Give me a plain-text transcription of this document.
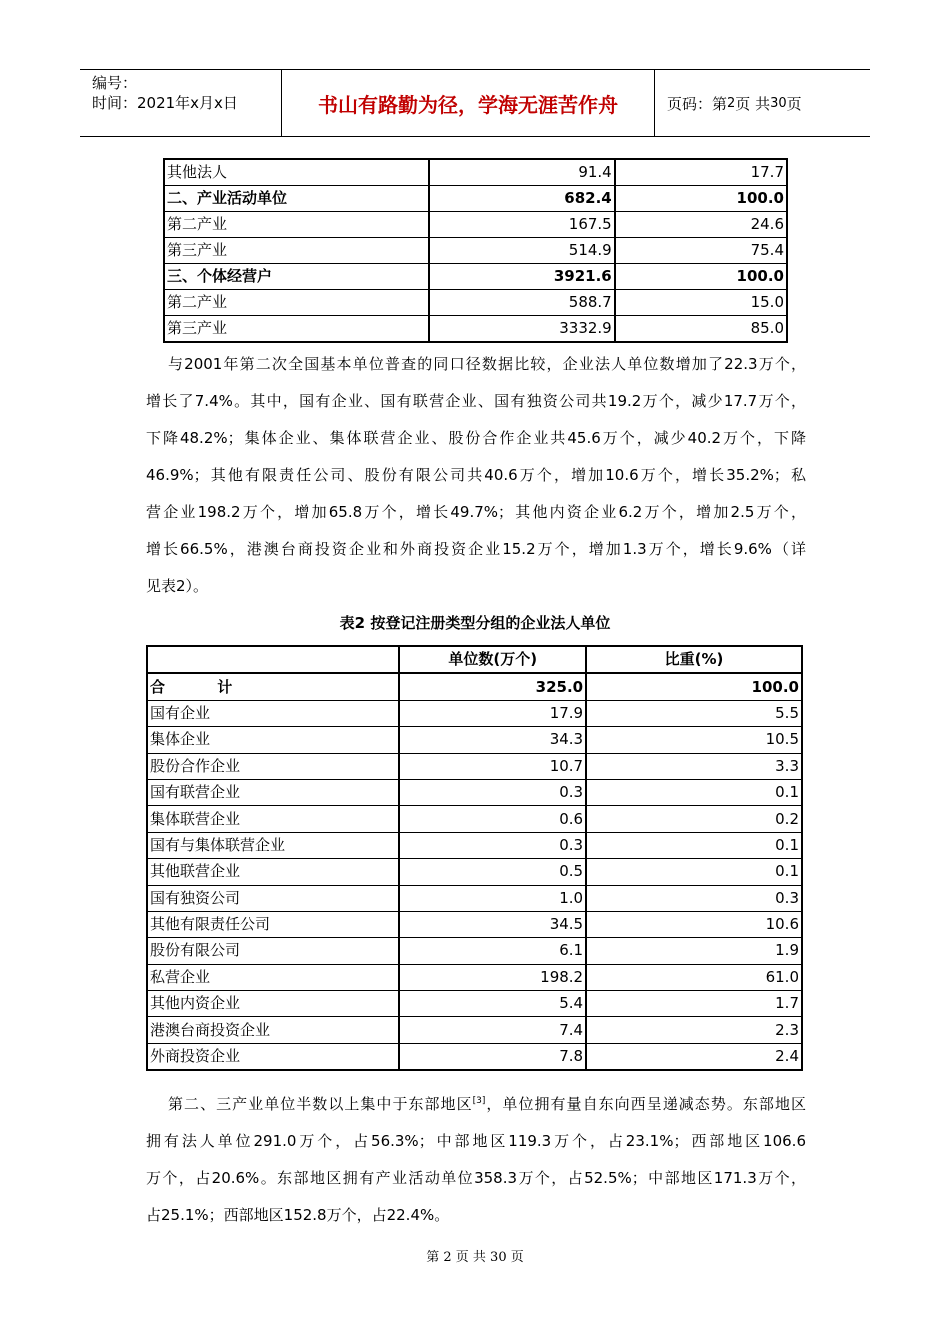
编号：
时间：2021年x月x日	书山有路勤为径，学海无涯苦作舟	页码：第 2 页 共 30 页
其他法人	91.4	17.7
二、产业活动单位	682.4	100.0
第二产业	167.5	24.6
第三产业	514.9	75.4
三、个体经营户	3921.6	100.0
第二产业	588.7	15.0
第三产业	3332.9	85.0
与2001年第二次全国基本单位普查的同口径数据比较，企业法人单位数增加了22.3万个，
增长了7.4%。其中，国有企业、国有联营企业、国有独资公司共19.2万个，减少17.7万个，
下降48.2%；集体企业、集体联营企业、股份合作企业共45.6万个，减少40.2万个，下降
46.9%；其他有限责任公司、股份有限公司共40.6万个，增加10.6万个，增长35.2%；私
营企业198.2万个，增加65.8万个，增长49.7%；其他内资企业6.2万个，增加2.5万个，
增长66.5%，港澳台商投资企业和外商投资企业15.2万个，增加1.3万个，增长9.6%（详
见表2）。
表2 按登记注册类型分组的企业法人单位
	单位数(万个)	比重(%)
合          计	325.0	100.0
国有企业	17.9	5.5
集体企业	34.3	10.5
股份合作企业	10.7	3.3
国有联营企业	0.3	0.1
集体联营企业	0.6	0.2
国有与集体联营企业	0.3	0.1
其他联营企业	0.5	0.1
国有独资公司	1.0	0.3
其他有限责任公司	34.5	10.6
股份有限公司	6.1	1.9
私营企业	198.2	61.0
其他内资企业	5.4	1.7
港澳台商投资企业	7.4	2.3
外商投资企业	7.8	2.4
第二、三产业单位半数以上集中于东部地区[3]，单位拥有量自东向西呈递减态势。东部地区
拥有法人单位291.0万个，占56.3%；中部地区119.3万个，占23.1%；西部地区106.6
万个，占20.6%。东部地区拥有产业活动单位358.3万个，占52.5%；中部地区171.3万个，
占25.1%；西部地区152.8万个，占22.4%。
第 2 页 共 30 页
